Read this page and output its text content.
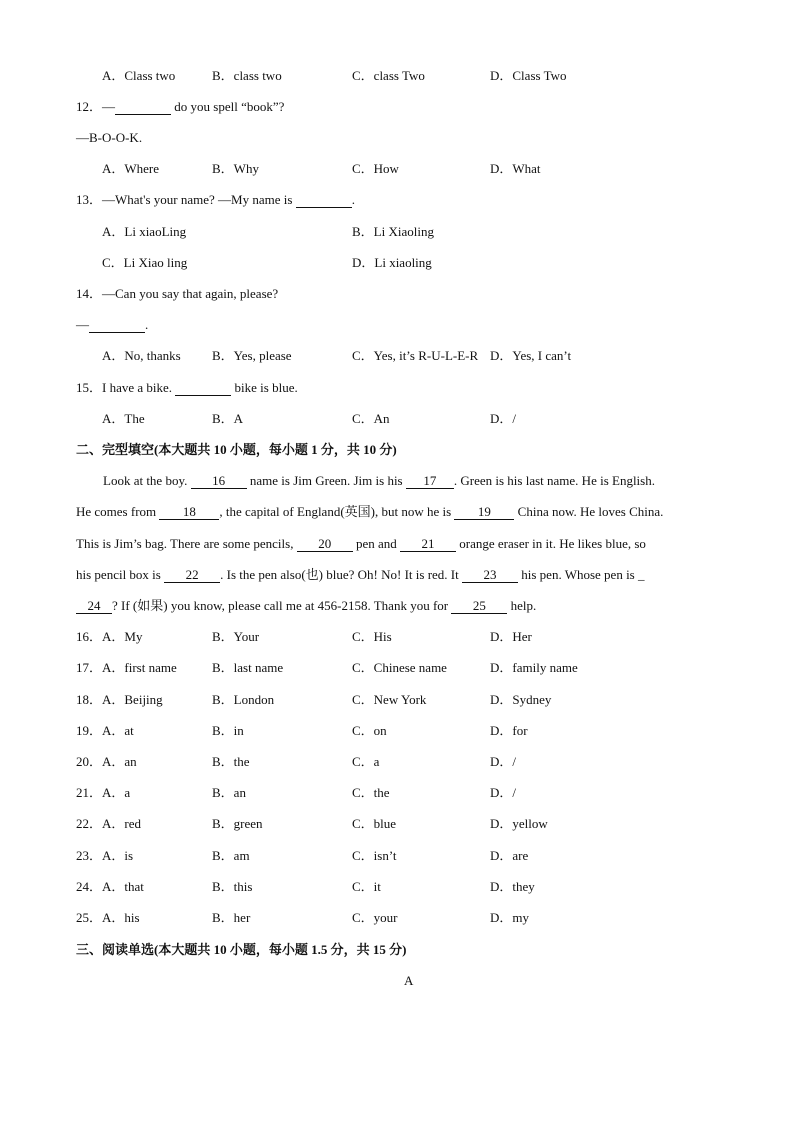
A．Class two	B．class two	C．class Two	D．Class Two
12．—	do you spell “book”?
—B-O-O-K.
A．Where	B．Why	C．How	D．What
13．—What's your name? —My name is	.
A．Li xiaoLing	B．Li Xiaoling
C．Li Xiao ling	D．Li xiaoling
14．—Can you say that again, please?
—	.
A．No, thanks B．Yes, please	C．Yes, it’s R-U-L-E-R D．Yes, I can’t
15．I have a bike.	bike is blue.
A．The	B．A	C．An	D．/
二、完型填空(本大题共 10 小题，每小题 1 分，共 10 分)
Look at the boy. 16 name is Jim Green. Jim is his 17 . Green is his last name. He is English.
He comes from 18 , the capital of England(英国), but now he is 19 China now. He loves China.
This is Jim’s bag. There are some pencils, 20 pen and 21 orange eraser in it. He likes blue, so
his pencil box is 22 . Is the pen also(也) blue? Oh! No! It is red. It 23 his pen. Whose pen is _
24 ? If (如果) you know, please call me at 456-2158. Thank you for 25 help.
16． A．My	B．Your	C．His	D．Her
17． A．first name	B．last name	C．Chinese name	D．family name
18． A．Beijing	B．London	C．New York	D．Sydney
19． A．at	B．in	C．on	D．for
20． A．an	B．the	C．a	D．/
21． A．a	B．an	C．the	D．/
22． A．red	B．green	C．blue	D．yellow
23． A．is	B．am	C．isn’t	D．are
24． A．that	B．this	C．it	D．they
25． A．his	B．her	C．your	D．my
三、阅读单选(本大题共 10 小题，每小题 1.5 分，共 15 分)
A
